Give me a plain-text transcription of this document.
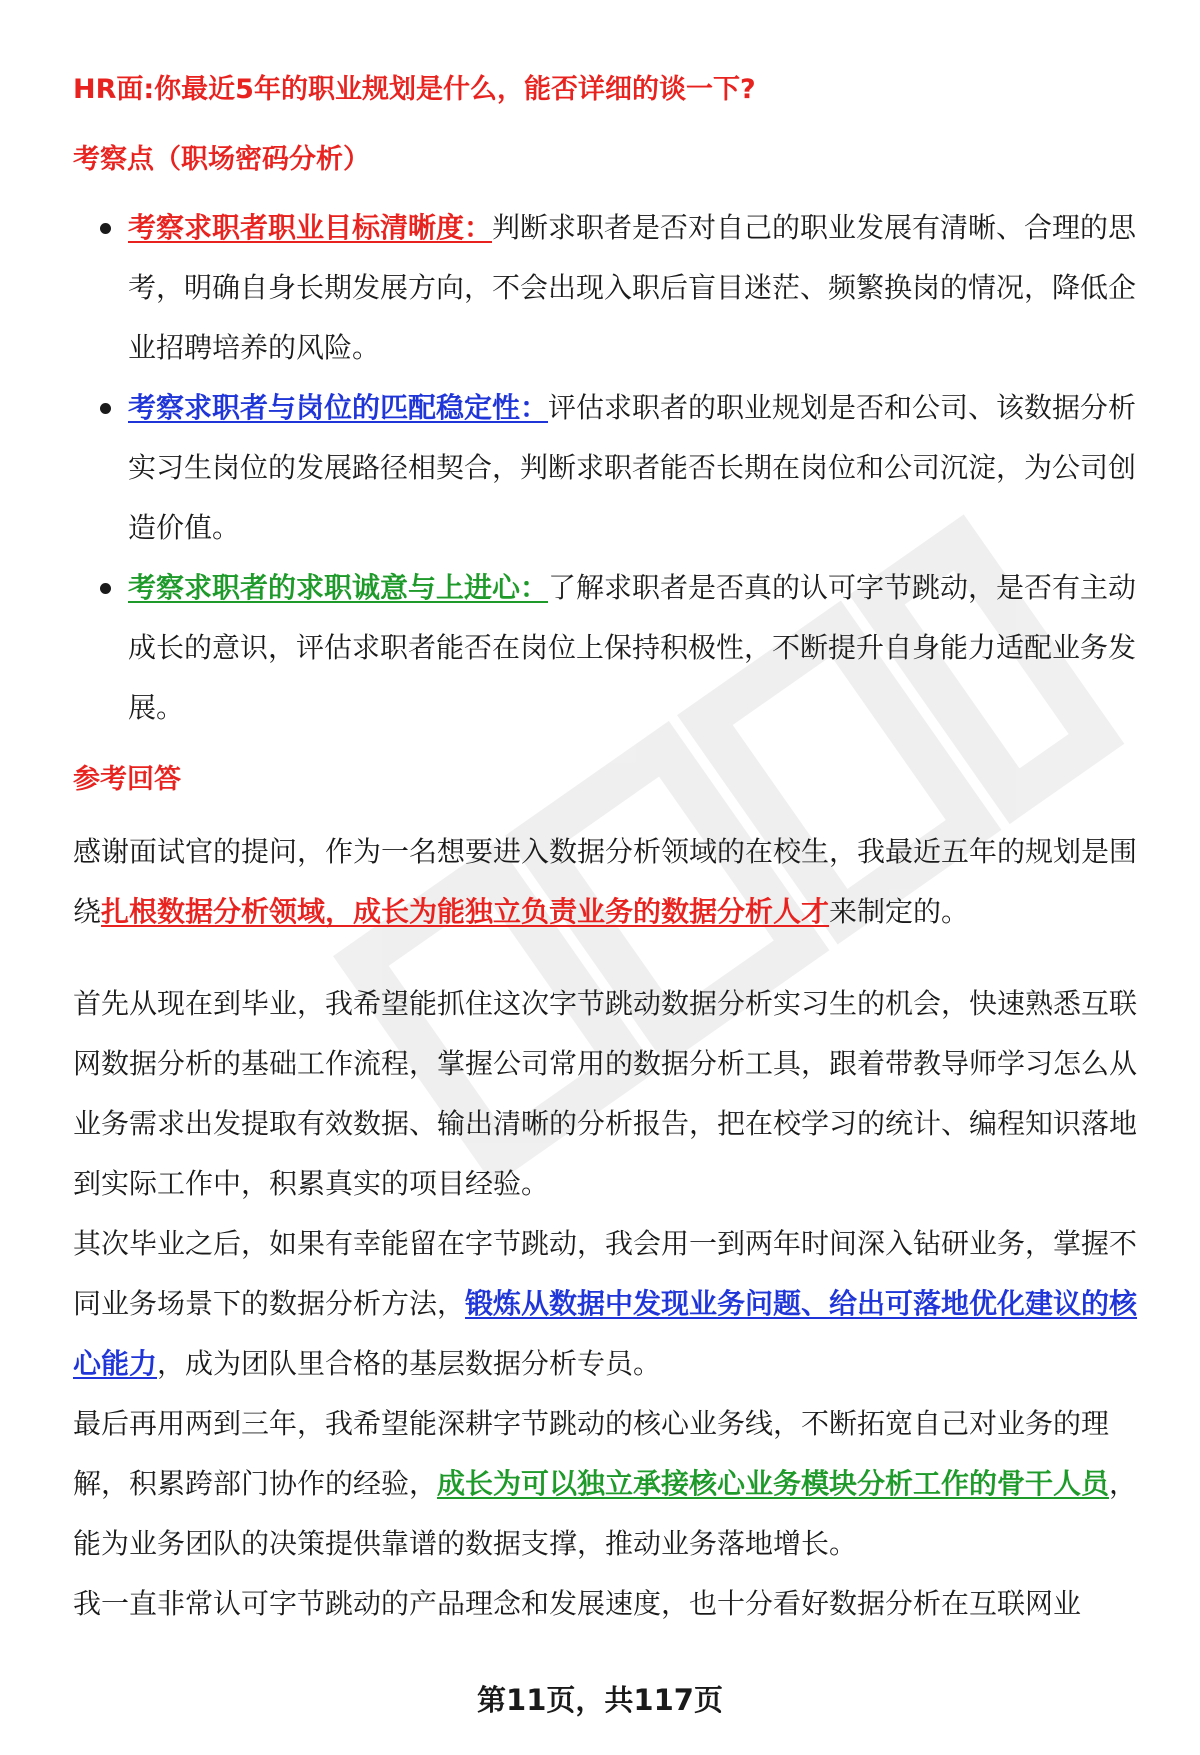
HR面:你最近5年的职业规划是什么，能否详细的谈一下?
考察点（职场密码分析）
考察求职者职业目标清晰度：判断求职者是否对自己的职业发展有清晰、合理的思考，明确自身长期发展方向，不会出现入职后盲目迷茫、频繁换岗的情况，降低企业招聘培养的风险。
考察求职者与岗位的匹配稳定性：评估求职者的职业规划是否和公司、该数据分析实习生岗位的发展路径相契合，判断求职者能否长期在岗位和公司沉淀，为公司创造价值。
考察求职者的求职诚意与上进心：了解求职者是否真的认可字节跳动，是否有主动成长的意识，评估求职者能否在岗位上保持积极性，不断提升自身能力适配业务发展。
参考回答

感谢面试官的提问，作为一名想要进入数据分析领域的在校生，我最近五年的规划是围绕扎根数据分析领域，成长为能独立负责业务的数据分析人才来制定的。

首先从现在到毕业，我希望能抓住这次字节跳动数据分析实习生的机会，快速熟悉互联网数据分析的基础工作流程，掌握公司常用的数据分析工具，跟着带教导师学习怎么从业务需求出发提取有效数据、输出清晰的分析报告，把在校学习的统计、编程知识落地到实际工作中，积累真实的项目经验。

其次毕业之后，如果有幸能留在字节跳动，我会用一到两年时间深入钻研业务，掌握不同业务场景下的数据分析方法，锻炼从数据中发现业务问题、给出可落地优化建议的核心能力，成为团队里合格的基层数据分析专员。

最后再用两到三年，我希望能深耕字节跳动的核心业务线，不断拓宽自己对业务的理解，积累跨部门协作的经验，成长为可以独立承接核心业务模块分析工作的骨干人员，能为业务团队的决策提供靠谱的数据支撑，推动业务落地增长。

我一直非常认可字节跳动的产品理念和发展速度，也十分看好数据分析在互联网业

第11页，共117页
